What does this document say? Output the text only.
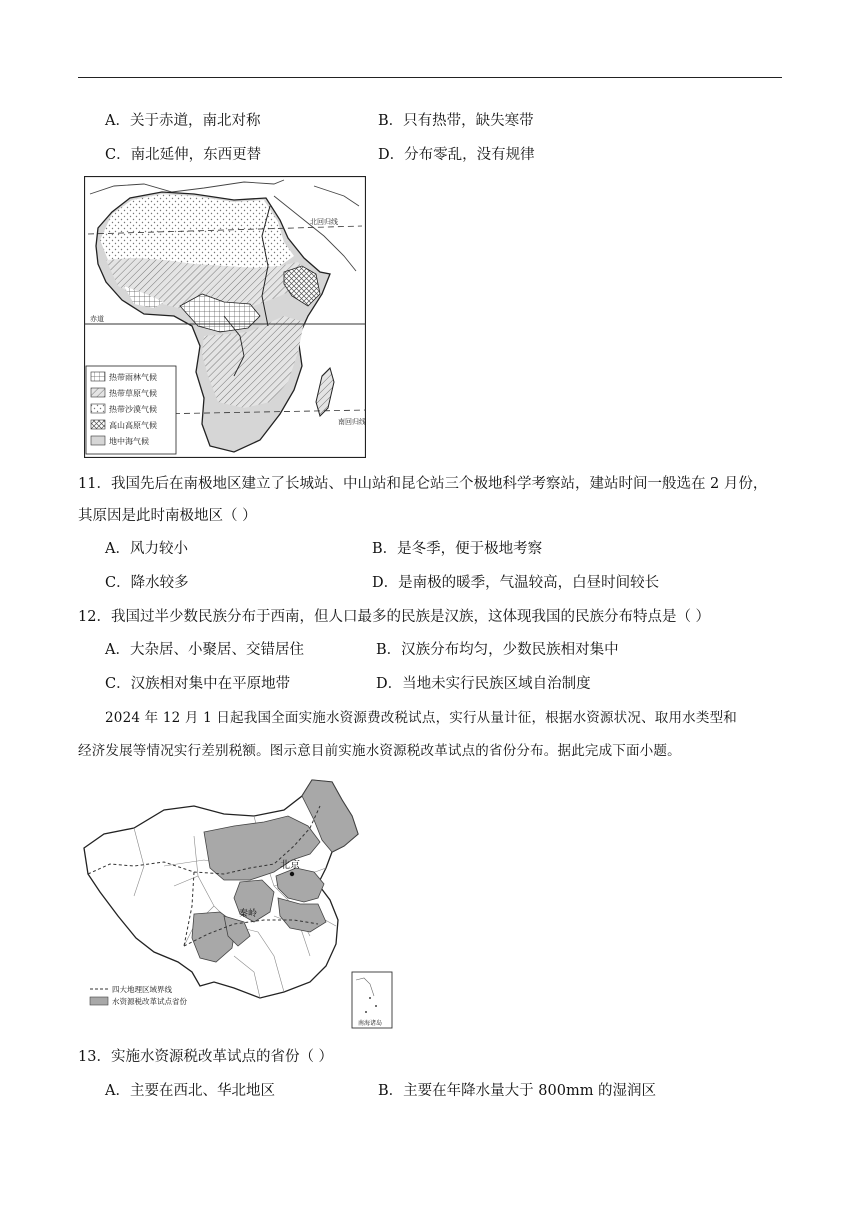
A．关于赤道，南北对称	B．只有热带，缺失寒带
C．南北延伸，东西更替	D．分布零乱，没有规律
北回归线
赤道
南回归线
热带雨林气候
热带草原气候
热带沙漠气候
高山高原气候
地中海气候
11．我国先后在南极地区建立了长城站、中山站和昆仑站三个极地科学考察站，建站时间一般选在 2 月份，
其原因是此时南极地区（ ）
A．风力较小	B．是冬季，便于极地考察
C．降水较多	D．是南极的暖季，气温较高，白昼时间较长
12．我国过半少数民族分布于西南，但人口最多的民族是汉族，这体现我国的民族分布特点是（ ）
A．大杂居、小聚居、交错居住	B．汉族分布均匀，少数民族相对集中
C．汉族相对集中在平原地带	D．当地未实行民族区域自治制度
2024 年 12 月 1 日起我国全面实施水资源费改税试点，实行从量计征，根据水资源状况、取用水类型和
经济发展等情况实行差别税额。图示意目前实施水资源税改革试点的省份分布。据此完成下面小题。
北京
秦岭
四大地理区域界线
水资源税改革试点省份
南海诸岛
13．实施水资源税改革试点的省份（ ）
A．主要在西北、华北地区	B．主要在年降水量大于 800mm 的湿润区
